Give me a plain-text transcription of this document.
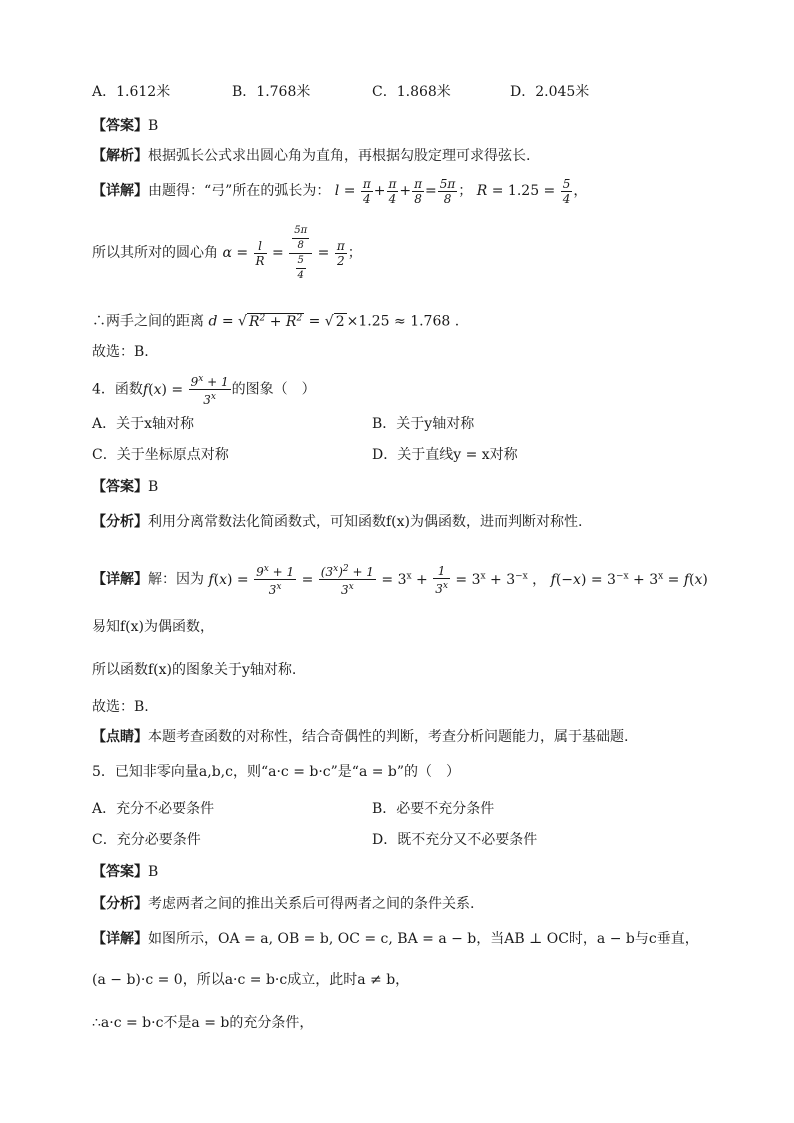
A．1.612米	B．1.768米	C．1.868米	D．2.045米
【答案】B
【解析】根据弧长公式求出圆心角为直角，再根据勾股定理可求得弦长.
【详解】由题得：“弓”所在的弧长为： $l = \frac{\pi}{4} + \frac{\pi}{4} + \frac{\pi}{8} = \frac{5\pi}{8}$ ； $R = 1.25 = \frac{5}{4}$ ，
所以其所对的圆心角 $\alpha = \frac{l}{R} = \frac{\frac{5\pi}{8}}{\frac{5}{4}} = \frac{\pi}{2}$ ；
∴两手之间的距离 d = √ $R^2 + R^2$ = √ 2 ×1.25 ≈ 1.768 .
故选：B.
4．函数$f(x) = \frac{9^x + 1}{3^x}$ 的图象（　）
A．关于x轴对称	B．关于y轴对称
C．关于坐标原点对称	D．关于直线y = x对称
【答案】B
【分析】利用分离常数法化简函数式，可知函数f(x)为偶函数，进而判断对称性.
【详解】解：因为 $f(x) = \frac{9^x + 1}{3^x} = \frac{(3^x)^2 + 1}{3^x} = 3^x + \frac{1}{3^x} = 3^x + 3^{-x}$ ， $f(-x) = 3^{-x} + 3^x = f(x)$
易知f(x)为偶函数，
所以函数f(x)的图象关于y轴对称.
故选：B.
【点睛】本题考查函数的对称性，结合奇偶性的判断，考查分析问题能力，属于基础题.
5．已知非零向量a,b,c，则“a·c = b·c”是“a = b”的（　）
A．充分不必要条件	B．必要不充分条件
C．充分必要条件	D．既不充分又不必要条件
【答案】B
【分析】考虑两者之间的推出关系后可得两者之间的条件关系.
【详解】如图所示，OA = a, OB = b, OC = c, BA = a − b，当AB ⊥ OC时，a − b与c垂直，
(a − b)·c = 0，所以a·c = b·c成立，此时a ≠ b，
∴a·c = b·c不是a = b的充分条件，
